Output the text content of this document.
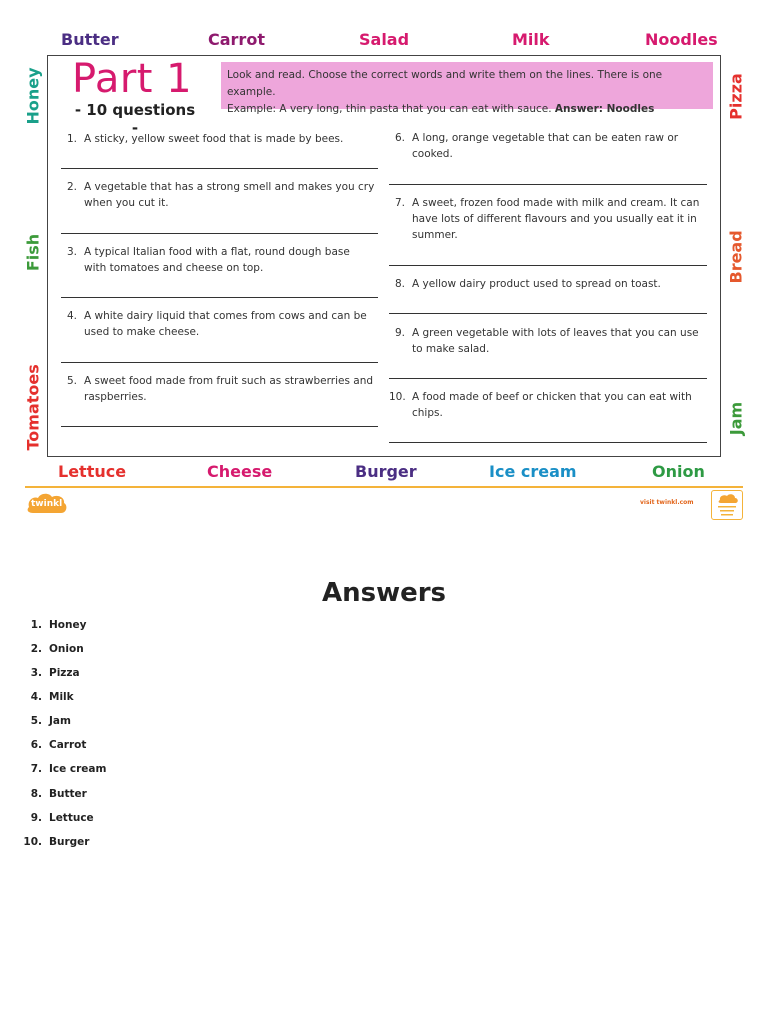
Butter	Carrot	Salad	Milk	Noodles
Honey
Fish
Tomatoes
Pizza
Bread
Jam
Part 1
- 10 questions -
Look and read. Choose the correct words and write them on the lines. There is one example.
Example: A very long, thin pasta that you can eat with sauce. Answer: Noodles
1. A sticky, yellow sweet food that is made by bees.
2. A vegetable that has a strong smell and makes you cry
when you cut it.
3. A typical Italian food with a flat, round dough base
with tomatoes and cheese on top.
4. A white dairy liquid that comes from cows and can be
used to make cheese.
5. A sweet food made from fruit such as strawberries and
raspberries.
6. A long, orange vegetable that can be eaten raw or
cooked.
7. A sweet, frozen food made with milk and cream. It can
have lots of different flavours and you usually eat it in
summer.
8. A yellow dairy product used to spread on toast.
9. A green vegetable with lots of leaves that you can use
to make salad.
10. A food made of beef or chicken that you can eat with
chips.
Lettuce	Cheese	Burger	Ice cream	Onion
twinkl	visit twinkl.com
Answers
1. Honey
2. Onion
3. Pizza
4. Milk
5. Jam
6. Carrot
7. Ice cream
8. Butter
9. Lettuce
10. Burger
